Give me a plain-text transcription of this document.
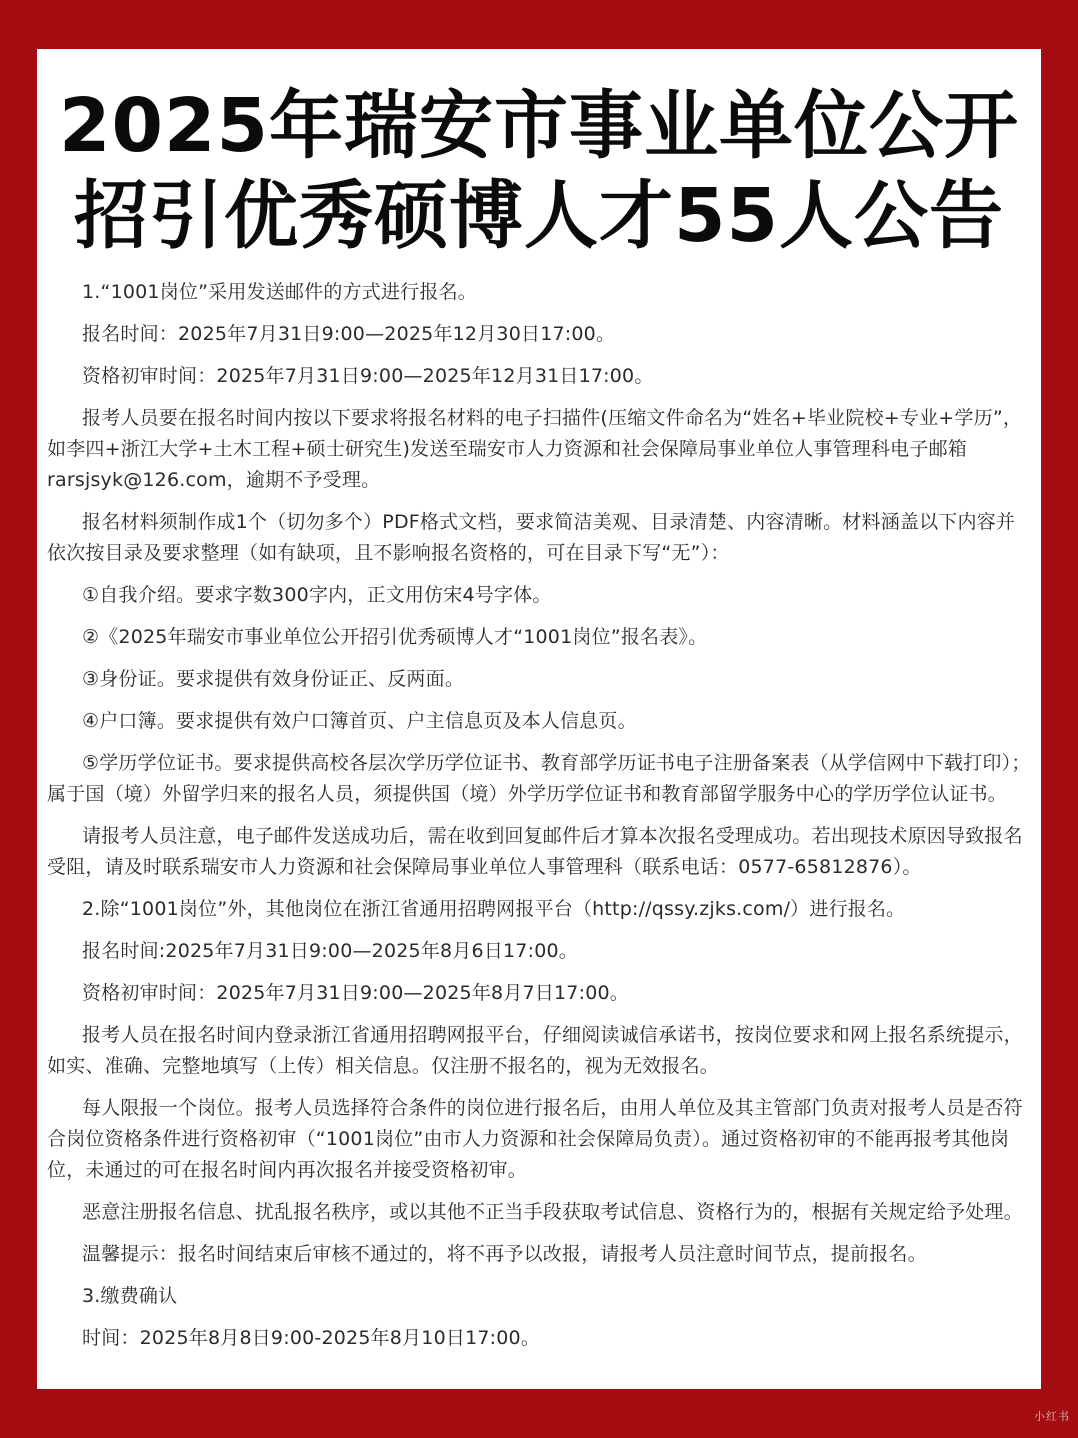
2025年瑞安市事业单位公开
招引优秀硕博人才55人公告

1.“1001岗位”采用发送邮件的方式进行报名。

报名时间：2025年7月31日9:00—2025年12月30日17:00。

资格初审时间：2025年7月31日9:00—2025年12月31日17:00。

报考人员要在报名时间内按以下要求将报名材料的电子扫描件(压缩文件命名为“姓名+毕业院校+专业+学历”，如李四+浙江大学+土木工程+硕士研究生)发送至瑞安市人力资源和社会保障局事业单位人事管理科电子邮箱rarsjsyk@126.com，逾期不予受理。

报名材料须制作成1个（切勿多个）PDF格式文档，要求简洁美观、目录清楚、内容清晰。材料涵盖以下内容并依次按目录及要求整理（如有缺项，且不影响报名资格的，可在目录下写“无”）：

①自我介绍。要求字数300字内，正文用仿宋4号字体。

②《2025年瑞安市事业单位公开招引优秀硕博人才“1001岗位”报名表》。

③身份证。要求提供有效身份证正、反两面。

④户口簿。要求提供有效户口簿首页、户主信息页及本人信息页。

⑤学历学位证书。要求提供高校各层次学历学位证书、教育部学历证书电子注册备案表（从学信网中下载打印）；属于国（境）外留学归来的报名人员，须提供国（境）外学历学位证书和教育部留学服务中心的学历学位认证书。

请报考人员注意，电子邮件发送成功后，需在收到回复邮件后才算本次报名受理成功。若出现技术原因导致报名受阻，请及时联系瑞安市人力资源和社会保障局事业单位人事管理科（联系电话：0577-65812876）。

2.除“1001岗位”外，其他岗位在浙江省通用招聘网报平台（http://qssy.zjks.com/）进行报名。

报名时间:2025年7月31日9:00—2025年8月6日17:00。

资格初审时间：2025年7月31日9:00—2025年8月7日17:00。

报考人员在报名时间内登录浙江省通用招聘网报平台，仔细阅读诚信承诺书，按岗位要求和网上报名系统提示，如实、准确、完整地填写（上传）相关信息。仅注册不报名的，视为无效报名。

每人限报一个岗位。报考人员选择符合条件的岗位进行报名后，由用人单位及其主管部门负责对报考人员是否符合岗位资格条件进行资格初审（“1001岗位”由市人力资源和社会保障局负责）。通过资格初审的不能再报考其他岗位，未通过的可在报名时间内再次报名并接受资格初审。

恶意注册报名信息、扰乱报名秩序，或以其他不正当手段获取考试信息、资格行为的，根据有关规定给予处理。

温馨提示：报名时间结束后审核不通过的，将不再予以改报，请报考人员注意时间节点，提前报名。

3.缴费确认

时间：2025年8月8日9:00-2025年8月10日17:00。

小红书
